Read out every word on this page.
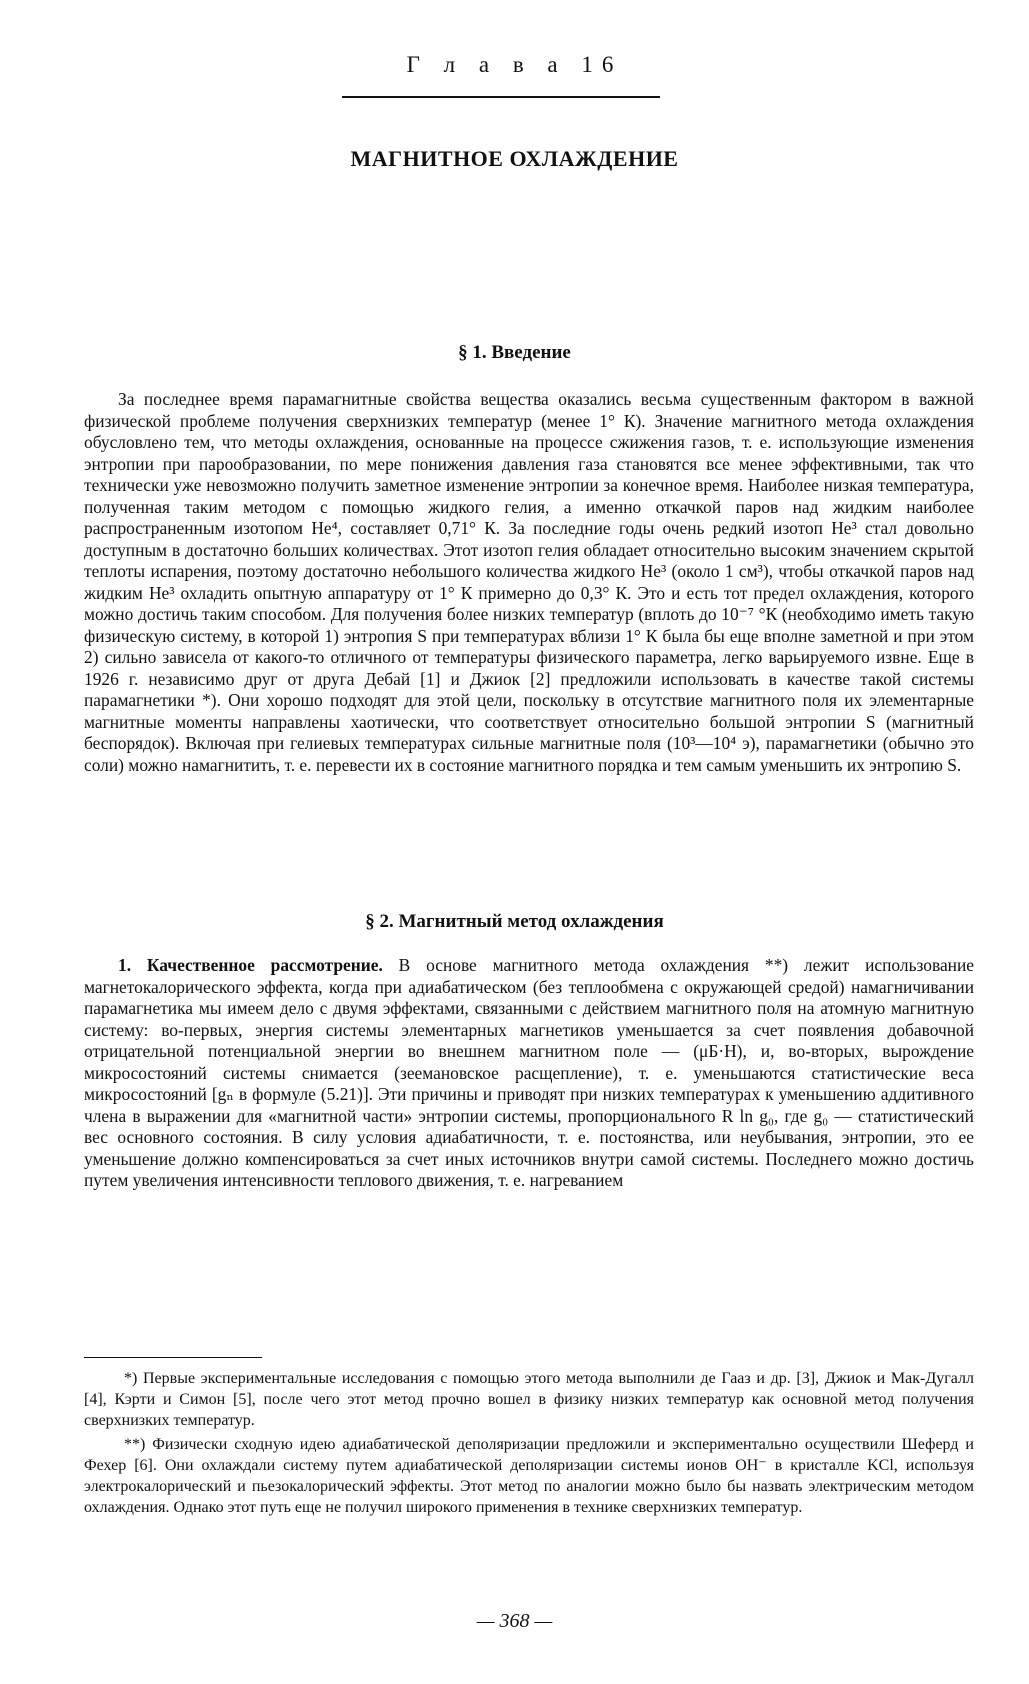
Г л а в а 16
МАГНИТНОЕ ОХЛАЖДЕНИЕ
§ 1. Введение

За последнее время парамагнитные свойства вещества оказались весьма существенным фактором в важной физической проблеме получения сверхнизких температур (менее 1° К). Значение магнитного метода охлаждения обусловлено тем, что методы охлаждения, основанные на процессе сжижения газов, т. е. использующие изменения энтропии при парообразовании, по мере понижения давления газа становятся все менее эффективными, так что технически уже невозможно получить заметное изменение энтропии за конечное время. Наиболее низкая температура, полученная таким методом с помощью жидкого гелия, а именно откачкой паров над жидким наиболее распространенным изотопом He⁴, составляет 0,71° К. За последние годы очень редкий изотоп He³ стал довольно доступным в достаточно больших количествах. Этот изотоп гелия обладает относительно высоким значением скрытой теплоты испарения, поэтому достаточно небольшого количества жидкого He³ (около 1 см³), чтобы откачкой паров над жидким He³ охладить опытную аппаратуру от 1° К примерно до 0,3° К. Это и есть тот предел охлаждения, которого можно достичь таким способом. Для получения более низких температур (вплоть до 10⁻⁷ °К (необходимо иметь такую физическую систему, в которой 1) энтропия S при температурах вблизи 1° К была бы еще вполне заметной и при этом 2) сильно зависела от какого-то отличного от температуры физического параметра, легко варьируемого извне. Еще в 1926 г. независимо друг от друга Дебай [1] и Джиок [2] предложили использовать в качестве такой системы парамагнетики *). Они хорошо подходят для этой цели, поскольку в отсутствие магнитного поля их элементарные магнитные моменты направлены хаотически, что соответствует относительно большой энтропии S (магнитный беспорядок). Включая при гелиевых температурах сильные магнитные поля (10³—10⁴ э), парамагнетики (обычно это соли) можно намагнитить, т. е. перевести их в состояние магнитного порядка и тем самым уменьшить их энтропию S.

§ 2. Магнитный метод охлаждения

1. Качественное рассмотрение. В основе магнитного метода охлаждения **) лежит использование магнетокалорического эффекта, когда при адиабатическом (без теплообмена с окружающей средой) намагничивании парамагнетика мы имеем дело с двумя эффектами, связанными с действием магнитного поля на атомную магнитную систему: во-первых, энергия системы элементарных магнетиков уменьшается за счет появления добавочной отрицательной потенциальной энергии во внешнем магнитном поле — (μБ·H), и, во-вторых, вырождение микросостояний системы снимается (зеемановское расщепление), т. е. уменьшаются статистические веса микросостояний [gₙ в формуле (5.21)]. Эти причины и приводят при низких температурах к уменьшению аддитивного члена в выражении для «магнитной части» энтропии системы, пропорционального R ln g₀, где g₀ — статистический вес основного состояния. В силу условия адиабатичности, т. е. постоянства, или неубывания, энтропии, это ее уменьшение должно компенсироваться за счет иных источников внутри самой системы. Последнего можно достичь путем увеличения интенсивности теплового движения, т. е. нагреванием

*) Первые экспериментальные исследования с помощью этого метода выполнили де Гааз и др. [3], Джиок и Мак-Дугалл [4], Кэрти и Симон [5], после чего этот метод прочно вошел в физику низких температур как основной метод получения сверхнизких температур.

**) Физически сходную идею адиабатической деполяризации предложили и экспериментально осуществили Шеферд и Фехер [6]. Они охлаждали систему путем адиабатической деполяризации системы ионов OH⁻ в кристалле KCl, используя электрокалорический и пьезокалорический эффекты. Этот метод по аналогии можно было бы назвать электрическим методом охлаждения. Однако этот путь еще не получил широкого применения в технике сверхнизких температур.

— 368 —
